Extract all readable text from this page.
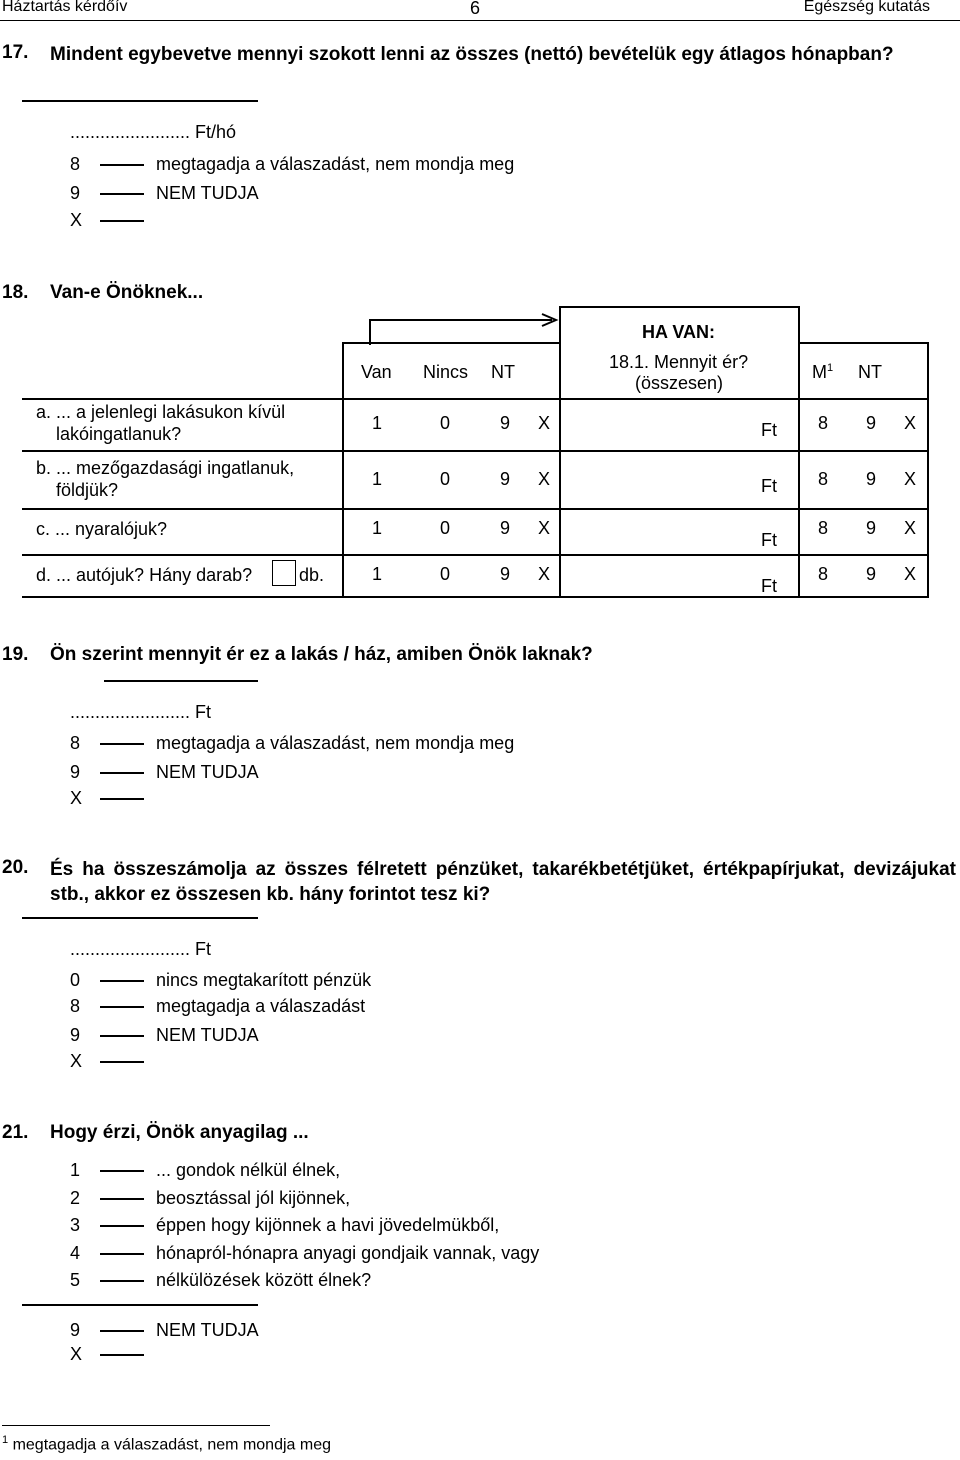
Háztartás kérdőív	6	Egészség kutatás
17.	Mindent egybevetve mennyi szokott lenni az összes (nettó) bevételük egy átlagos hónapban?
........................ Ft/hó
8	megtagadja a válaszadást, nem mondja meg
9	NEM TUDJA
X
18. Van-e Önöknek...
HA VAN:
Van Nincs NT	18.1. Mennyit ér?
(összesen)
$M^1$ NT
a. ... a jelenlegi lakásukon kívül
lakóingatlanuk?
1	0	9 X	Ft 8 9 X
b. ... mezőgazdasági ingatlanuk,
földjük?
1	0	9 X	Ft 8 9 X
c. ... nyaralójuk?	1	0	9 X
Ft
8 9 X
d. ... autójuk? Hány darab?	db.	1	0	9 X
Ft
8 9 X
19. Ön szerint mennyit ér ez a lakás / ház, amiben Önök laknak?
........................ Ft
8	megtagadja a válaszadást, nem mondja meg
9	NEM TUDJA
X
20.	És ha összeszámolja az összes félretett pénzüket, takarékbetétjüket, értékpapírjukat, devizájukat stb., akkor ez összesen kb. hány forintot tesz ki?
........................ Ft
0	nincs megtakarított pénzük
8	megtagadja a válaszadást
9	NEM TUDJA
X
21. Hogy érzi, Önök anyagilag ...
1	... gondok nélkül élnek,
2	beosztással jól kijönnek,
3	éppen hogy kijönnek a havi jövedelmükből,
4	hónapról-hónapra anyagi gondjaik vannak, vagy
5	nélkülözések között élnek?
9	NEM TUDJA
X
$^1$ megtagadja a válaszadást, nem mondja meg
